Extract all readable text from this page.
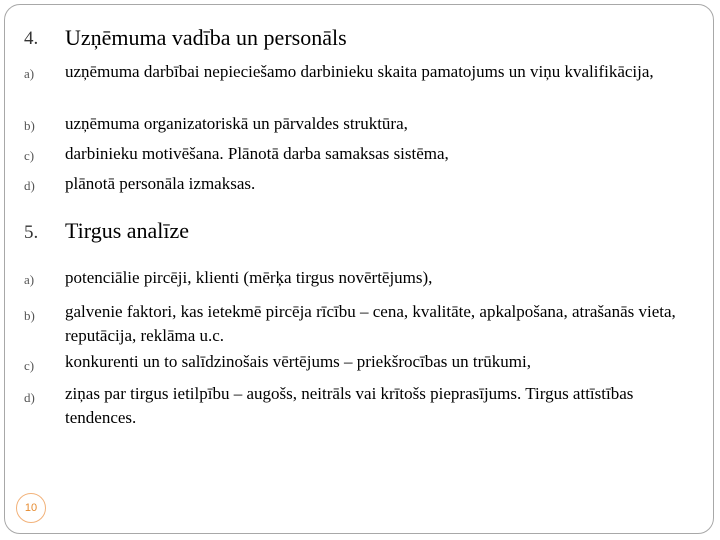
4. Uzņēmuma vadība un personāls
a) uzņēmuma darbībai nepieciešamo darbinieku skaita pamatojums un viņu kvalifikācija,
b) uzņēmuma organizatoriskā un pārvaldes struktūra,
c) darbinieku motivēšana. Plānotā darba samaksas sistēma,
d) plānotā personāla izmaksas.
5. Tirgus analīze
a) potenciālie pircēji, klienti (mērķa tirgus novērtējums),
b) galvenie faktori, kas ietekmē pircēja rīcību – cena, kvalitāte, apkalpošana, atrašanās vieta, reputācija, reklāma u.c.
c) konkurenti un to salīdzinošais vērtējums – priekšrocības un trūkumi,
d) ziņas par tirgus ietilpību – augošs, neitrāls vai krītošs pieprasījums. Tirgus attīstības tendences.
10
